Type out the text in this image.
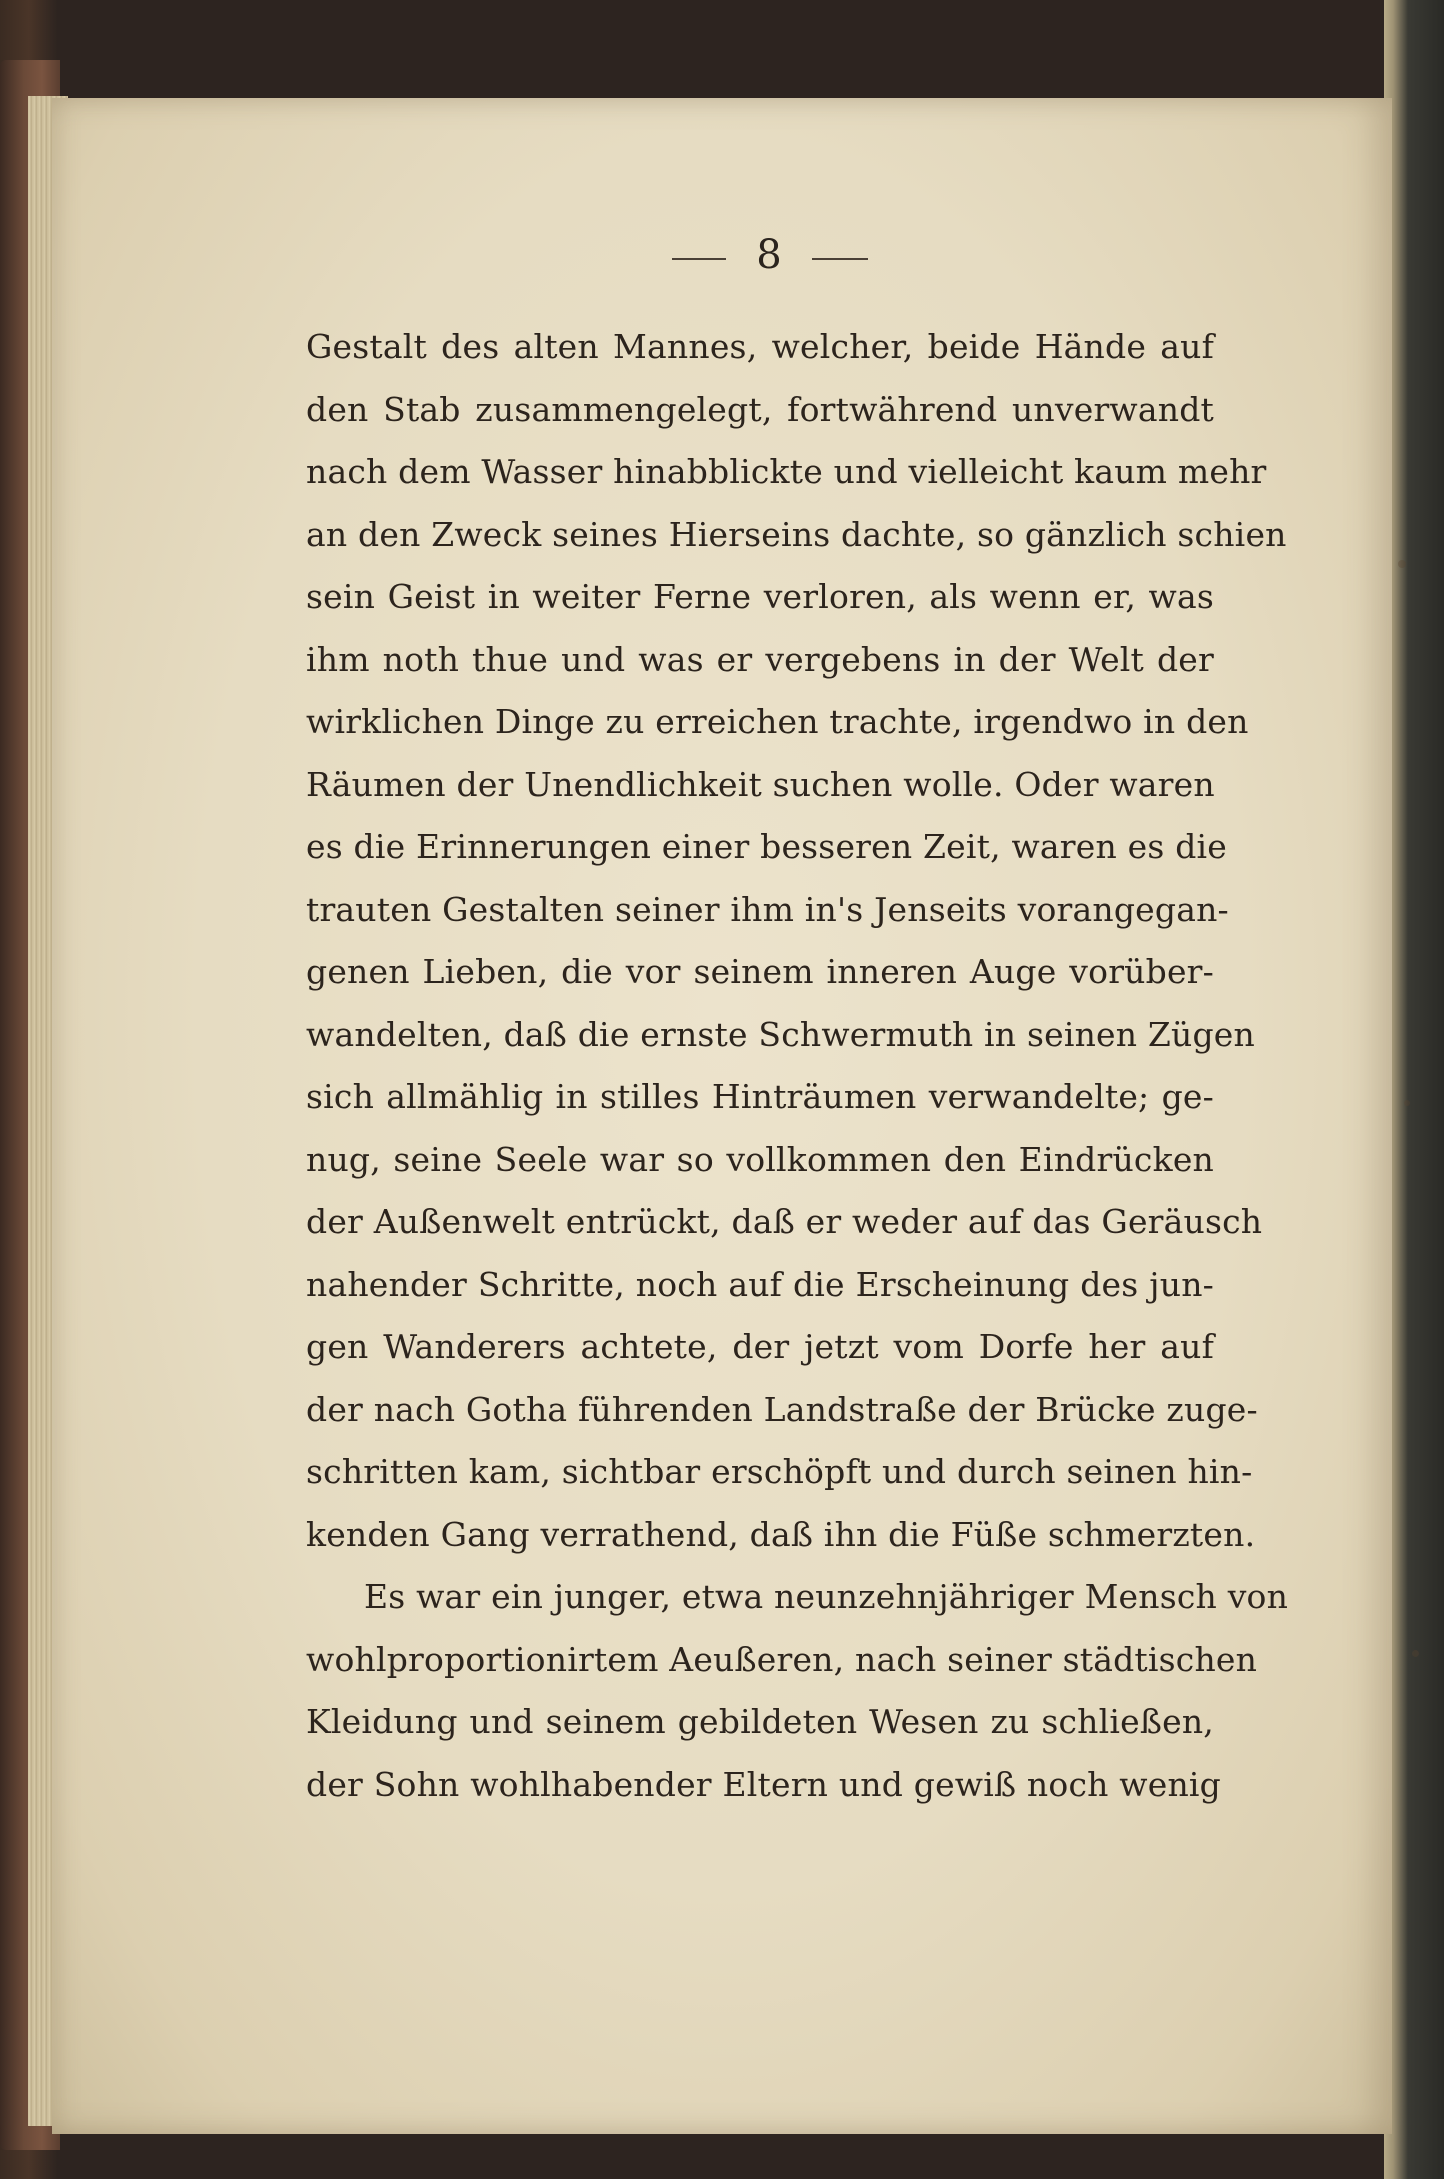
8
Gestalt des alten Mannes, welcher, beide Hände auf
den Stab zusammengelegt, fortwährend unverwandt
nach dem Wasser hinabblickte und vielleicht kaum mehr
an den Zweck seines Hierseins dachte, so gänzlich schien
sein Geist in weiter Ferne verloren, als wenn er, was
ihm noth thue und was er vergebens in der Welt der
wirklichen Dinge zu erreichen trachte, irgendwo in den
Räumen der Unendlichkeit suchen wolle. Oder waren
es die Erinnerungen einer besseren Zeit, waren es die
trauten Gestalten seiner ihm in's Jenseits vorangegan-
genen Lieben, die vor seinem inneren Auge vorüber-
wandelten, daß die ernste Schwermuth in seinen Zügen
sich allmählig in stilles Hinträumen verwandelte; ge-
nug, seine Seele war so vollkommen den Eindrücken
der Außenwelt entrückt, daß er weder auf das Geräusch
nahender Schritte, noch auf die Erscheinung des jun-
gen Wanderers achtete, der jetzt vom Dorfe her auf
der nach Gotha führenden Landstraße der Brücke zuge-
schritten kam, sichtbar erschöpft und durch seinen hin-
kenden Gang verrathend, daß ihn die Füße schmerzten.
Es war ein junger, etwa neunzehnjähriger Mensch von
wohlproportionirtem Aeußeren, nach seiner städtischen
Kleidung und seinem gebildeten Wesen zu schließen,
der Sohn wohlhabender Eltern und gewiß noch wenig
